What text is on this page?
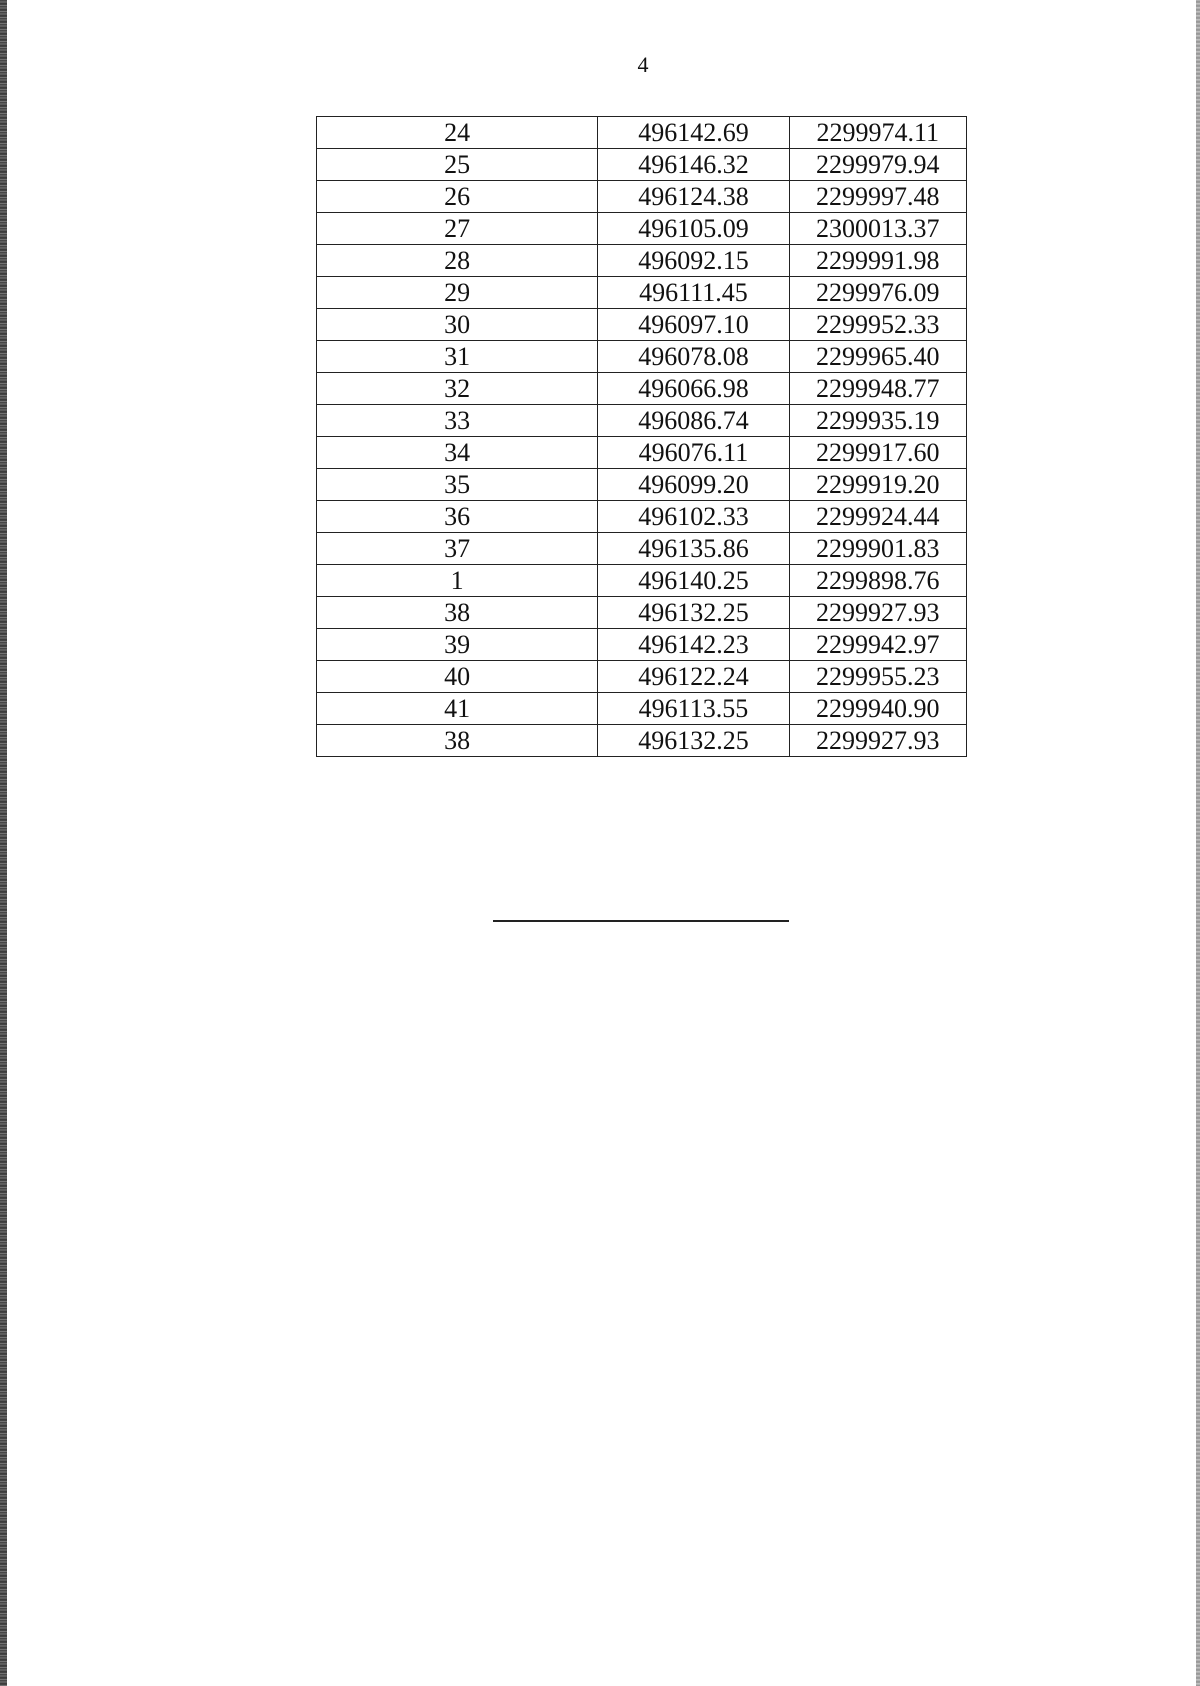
4
24	496142.69	2299974.11
25	496146.32	2299979.94
26	496124.38	2299997.48
27	496105.09	2300013.37
28	496092.15	2299991.98
29	496111.45	2299976.09
30	496097.10	2299952.33
31	496078.08	2299965.40
32	496066.98	2299948.77
33	496086.74	2299935.19
34	496076.11	2299917.60
35	496099.20	2299919.20
36	496102.33	2299924.44
37	496135.86	2299901.83
1	496140.25	2299898.76
38	496132.25	2299927.93
39	496142.23	2299942.97
40	496122.24	2299955.23
41	496113.55	2299940.90
38	496132.25	2299927.93
